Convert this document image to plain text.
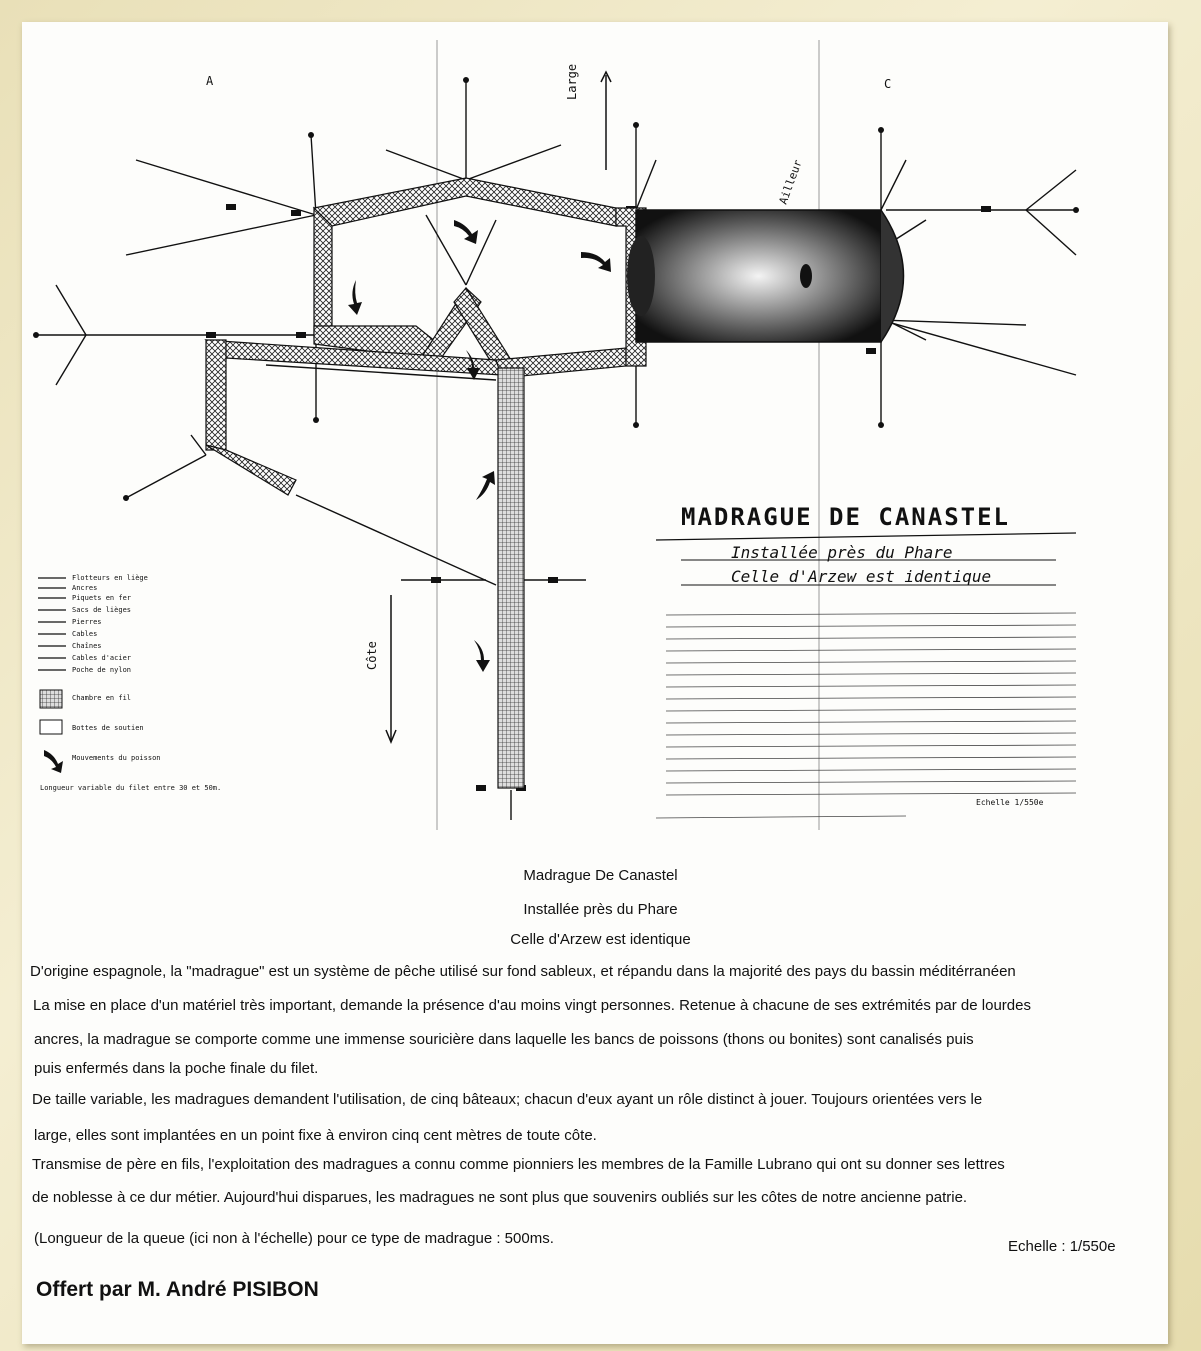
Large
Côte
Ailleur
A	C
Flotteurs en liège Ancres Piquets en fer Sacs de lièges Pierres Cables Chaînes Cables d'acier Poche de nylon Chambre en fil Bottes de soutien Mouvements du poisson
Longueur variable du filet entre 30 et 50m.
MADRAGUE DE CANASTEL
Installée près du Phare
Celle d'Arzew est identique
Echelle 1/550e
Madrague De Canastel
Installée près du Phare
Celle d'Arzew est identique
D'origine espagnole, la "madrague" est un système de pêche utilisé sur fond sableux, et répandu dans la majorité des pays du bassin méditérranéen
La mise en place d'un matériel très important, demande la présence d'au moins vingt personnes. Retenue à chacune de ses extrémités par de lourdes
ancres, la madrague se comporte comme une immense souricière dans laquelle les bancs de poissons (thons ou bonites) sont canalisés puis
puis enfermés dans la poche finale du filet.
De taille variable, les madragues demandent l'utilisation, de cinq bâteaux; chacun d'eux ayant un rôle distinct à jouer. Toujours orientées vers le
large, elles sont implantées en un point fixe à environ cinq cent mètres de toute côte.
Transmise de père en fils, l'exploitation des madragues a connu comme pionniers les membres de la Famille Lubrano qui ont su donner ses lettres
de noblesse à ce dur métier. Aujourd'hui disparues, les madragues ne sont plus que souvenirs oubliés sur les côtes de notre ancienne patrie.
(Longueur de la queue (ici non à l'échelle) pour ce type de madrague : 500ms.	Echelle : 1/550e
Offert par M. André PISIBON
